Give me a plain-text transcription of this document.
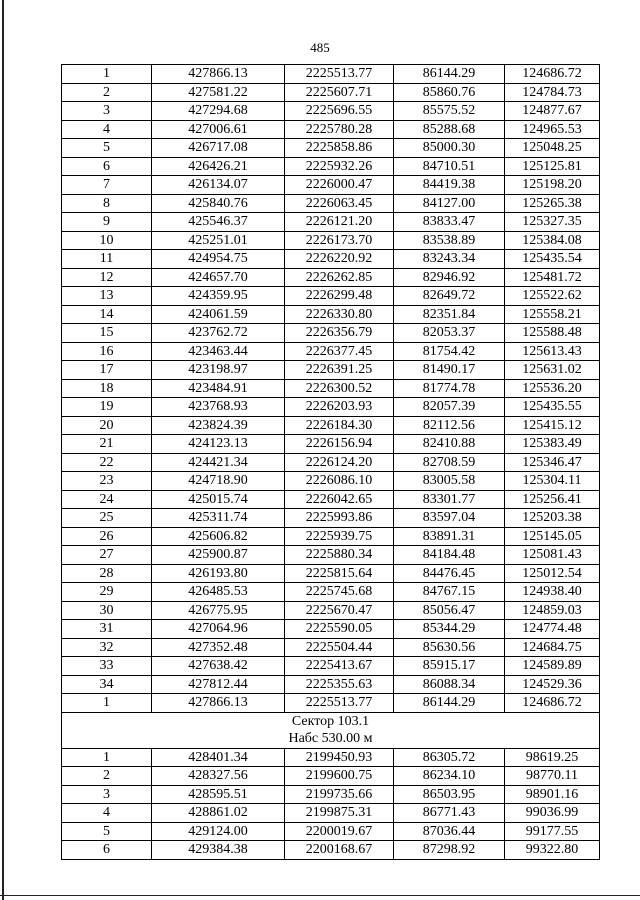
485
1	427866.13	2225513.77	86144.29	124686.72
2	427581.22	2225607.71	85860.76	124784.73
3	427294.68	2225696.55	85575.52	124877.67
4	427006.61	2225780.28	85288.68	124965.53
5	426717.08	2225858.86	85000.30	125048.25
6	426426.21	2225932.26	84710.51	125125.81
7	426134.07	2226000.47	84419.38	125198.20
8	425840.76	2226063.45	84127.00	125265.38
9	425546.37	2226121.20	83833.47	125327.35
10	425251.01	2226173.70	83538.89	125384.08
11	424954.75	2226220.92	83243.34	125435.54
12	424657.70	2226262.85	82946.92	125481.72
13	424359.95	2226299.48	82649.72	125522.62
14	424061.59	2226330.80	82351.84	125558.21
15	423762.72	2226356.79	82053.37	125588.48
16	423463.44	2226377.45	81754.42	125613.43
17	423198.97	2226391.25	81490.17	125631.02
18	423484.91	2226300.52	81774.78	125536.20
19	423768.93	2226203.93	82057.39	125435.55
20	423824.39	2226184.30	82112.56	125415.12
21	424123.13	2226156.94	82410.88	125383.49
22	424421.34	2226124.20	82708.59	125346.47
23	424718.90	2226086.10	83005.58	125304.11
24	425015.74	2226042.65	83301.77	125256.41
25	425311.74	2225993.86	83597.04	125203.38
26	425606.82	2225939.75	83891.31	125145.05
27	425900.87	2225880.34	84184.48	125081.43
28	426193.80	2225815.64	84476.45	125012.54
29	426485.53	2225745.68	84767.15	124938.40
30	426775.95	2225670.47	85056.47	124859.03
31	427064.96	2225590.05	85344.29	124774.48
32	427352.48	2225504.44	85630.56	124684.75
33	427638.42	2225413.67	85915.17	124589.89
34	427812.44	2225355.63	86088.34	124529.36
1	427866.13	2225513.77	86144.29	124686.72

Сектор 103.1
Набс 530.00 м				

1	428401.34	2199450.93	86305.72	98619.25
2	428327.56	2199600.75	86234.10	98770.11
3	428595.51	2199735.66	86503.95	98901.16
4	428861.02	2199875.31	86771.43	99036.99
5	429124.00	2200019.67	87036.44	99177.55
6	429384.38	2200168.67	87298.92	99322.80
